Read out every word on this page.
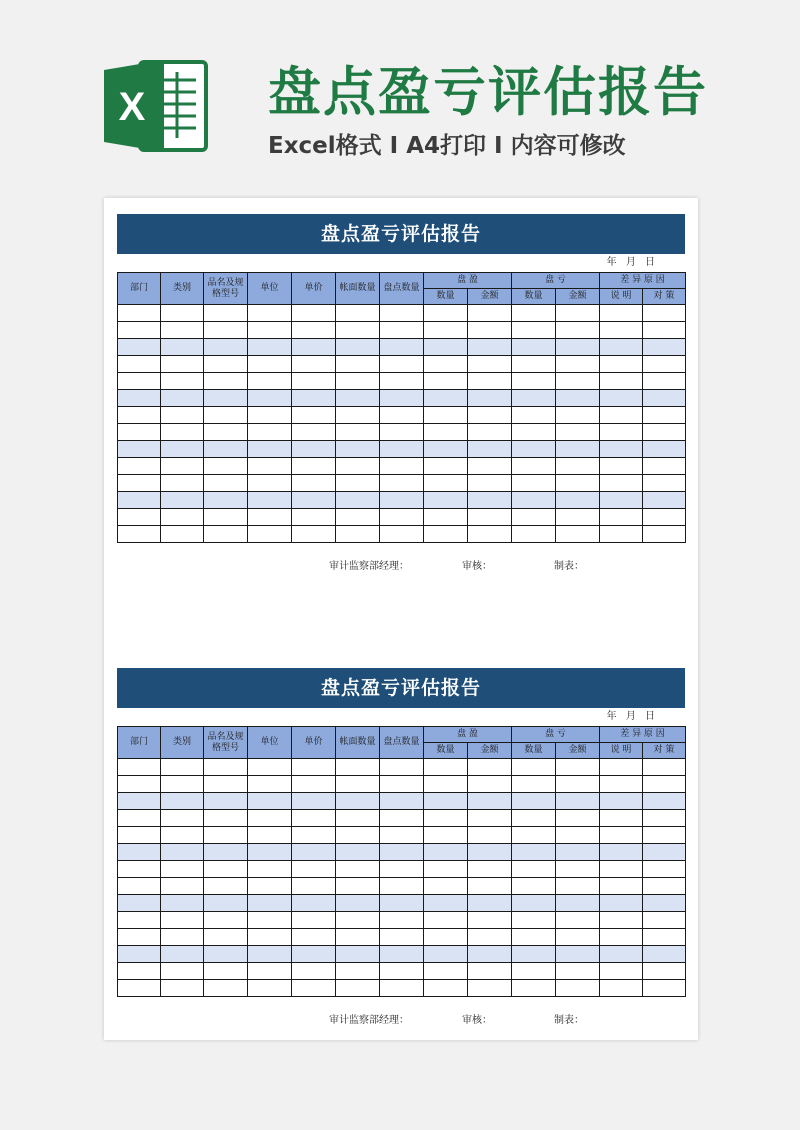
X 盘点盈亏评估报告
Excel格式 I A4打印 I 内容可修改
盘点盈亏评估报告
年 月 日
部门	类别	品名及规格型号	单位	单价	帐面数量	盘点数量	盘 盈		盘 亏		差 异 原 因	
							数量	金额	数量	金额	说 明	对 策

审计监察部经理：	审核：	制表：
盘点盈亏评估报告
年 月 日
部门	类别	品名及规格型号	单位	单价	帐面数量	盘点数量	盘 盈		盘 亏		差 异 原 因	
							数量	金额	数量	金额	说 明	对 策

审计监察部经理：	审核：	制表：
